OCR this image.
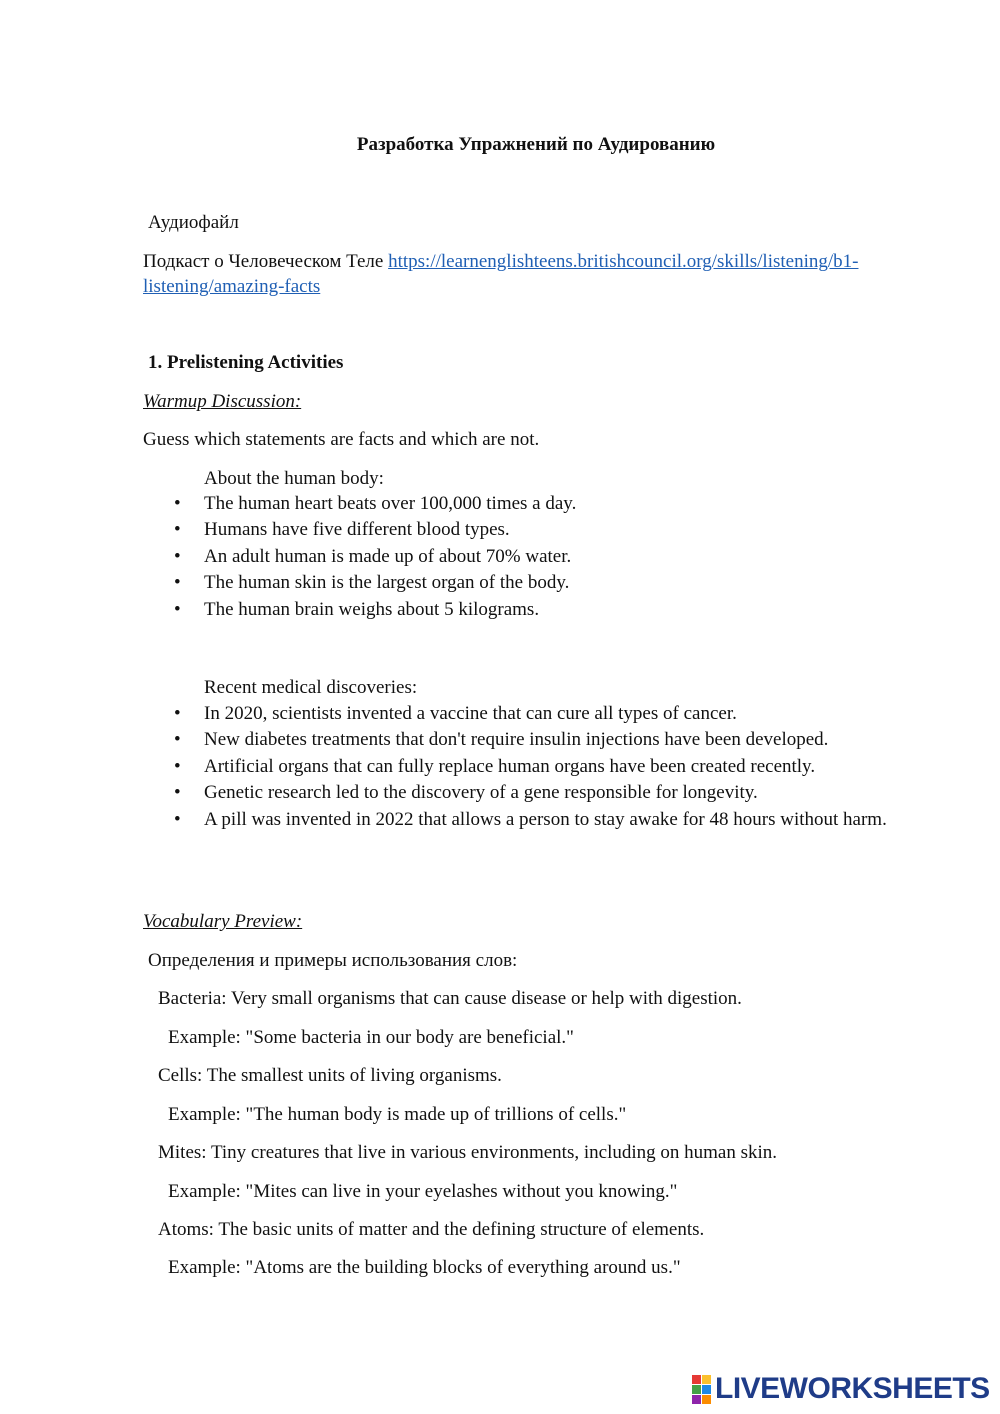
Разработка Упражнений по Аудированию
Аудиофайл
Подкаст о Человеческом Теле https://learnenglishteens.britishcouncil.org/skills/listening/b1-
listening/amazing-facts
1. Prelistening Activities
Warmup Discussion:
Guess which statements are facts and which are not.
About the human body:
• The human heart beats over 100,000 times a day.
• Humans have five different blood types.
• An adult human is made up of about 70% water.
• The human skin is the largest organ of the body.
• The human brain weighs about 5 kilograms.
Recent medical discoveries:
• In 2020, scientists invented a vaccine that can cure all types of cancer.
• New diabetes treatments that don't require insulin injections have been developed.
• Artificial organs that can fully replace human organs have been created recently.
• Genetic research led to the discovery of a gene responsible for longevity.
• A pill was invented in 2022 that allows a person to stay awake for 48 hours without harm.
Vocabulary Preview:
Определения и примеры использования слов:
Bacteria: Very small organisms that can cause disease or help with digestion.
Example: "Some bacteria in our body are beneficial."
Cells: The smallest units of living organisms.
Example: "The human body is made up of trillions of cells."
Mites: Tiny creatures that live in various environments, including on human skin.
Example: "Mites can live in your eyelashes without you knowing."
Atoms: The basic units of matter and the defining structure of elements.
Example: "Atoms are the building blocks of everything around us."
LIVEWORKSHEETS
